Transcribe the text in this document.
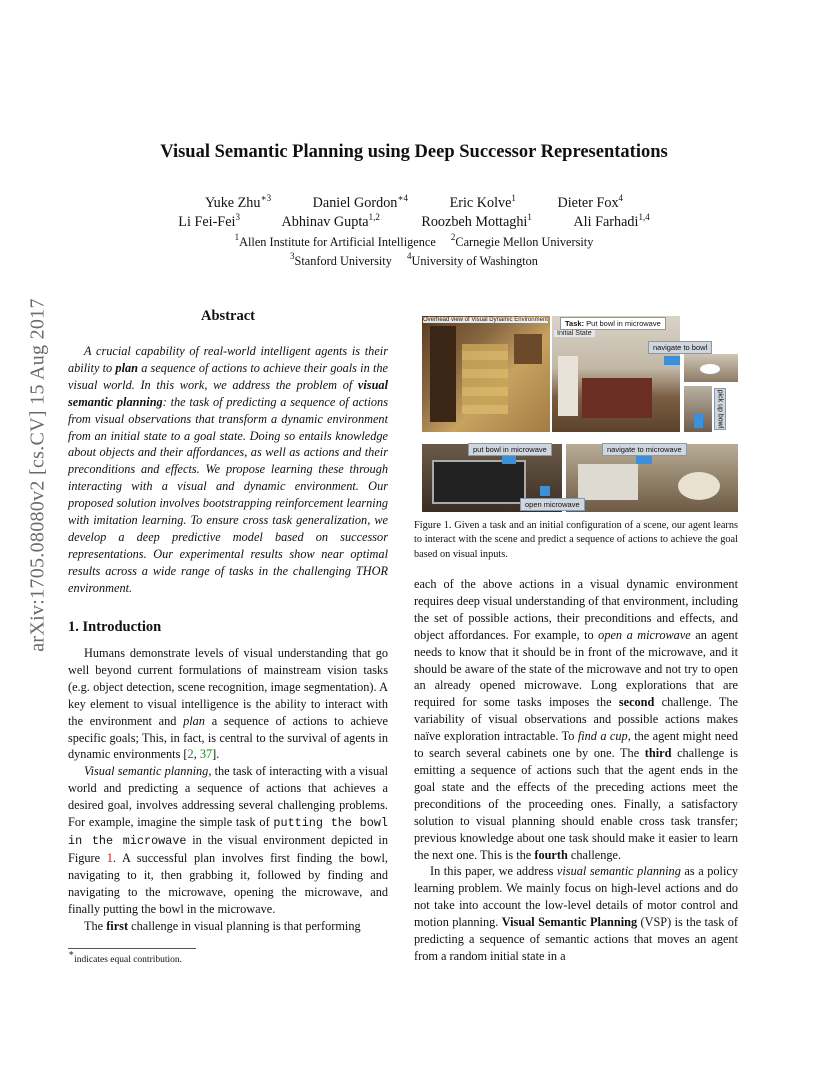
arXiv:1705.08080v2 [cs.CV] 15 Aug 2017
Visual Semantic Planning using Deep Successor Representations
Yuke Zhu$^{∗3}$	Daniel Gordon$^{∗4}$	Eric Kolve$^1$	Dieter Fox$^4$
Li Fei-Fei$^3$	Abhinav Gupta$^{1,2}$	Roozbeh Mottaghi$^1$	Ali Farhadi$^{1,4}$
$^1$Allen Institute for Artificial Intelligence $^2$Carnegie Mellon University
$^3$Stanford University $^4$University of Washington
Abstract

A crucial capability of real-world intelligent agents is their ability to plan a sequence of actions to achieve their goals in the visual world. In this work, we address the problem of visual semantic planning: the task of predicting a sequence of actions from visual observations that transform a dynamic environment from an initial state to a goal state. Doing so entails knowledge about objects and their affordances, as well as actions and their preconditions and effects. We propose learning these through interacting with a visual and dynamic environment. Our proposed solution involves bootstrapping reinforcement learning with imitation learning. To ensure cross task generalization, we develop a deep predictive model based on successor representations. Our experimental results show near optimal results across a wide range of tasks in the challenging THOR environment.

1. Introduction

Humans demonstrate levels of visual understanding that go well beyond current formulations of mainstream vision tasks (e.g. object detection, scene recognition, image segmentation). A key element to visual intelligence is the ability to interact with the environment and plan a sequence of actions to achieve specific goals; This, in fact, is central to the survival of agents in dynamic environments [2, 37].

Visual semantic planning, the task of interacting with a visual world and predicting a sequence of actions that achieves a desired goal, involves addressing several challenging problems. For example, imagine the simple task of putting the bowl in the microwave in the visual environment depicted in Figure 1. A successful plan involves first finding the bowl, navigating to it, then grabbing it, followed by finding and navigating to the microwave, opening the microwave, and finally putting the bowl in the microwave.

The first challenge in visual planning is that performing

∗indicates equal contribution.
Overhead view of Visual Dynamic Environment	Task: Put bowl in microwave
Initial State
navigate to bowl
pick up bowl
put bowl in microwave	navigate to microwave
open microwave
Figure 1. Given a task and an initial configuration of a scene, our agent learns to interact with the scene and predict a sequence of actions to achieve the goal based on visual inputs.

each of the above actions in a visual dynamic environment requires deep visual understanding of that environment, including the set of possible actions, their preconditions and effects, and object affordances. For example, to open a microwave an agent needs to know that it should be in front of the microwave, and it should be aware of the state of the microwave and not try to open an already opened microwave. Long explorations that are required for some tasks imposes the second challenge. The variability of visual observations and possible actions makes naïve exploration intractable. To find a cup, the agent might need to search several cabinets one by one. The third challenge is emitting a sequence of actions such that the agent ends in the goal state and the effects of the preceding actions meet the preconditions of the proceeding ones. Finally, a satisfactory solution to visual planning should enable cross task transfer; previous knowledge about one task should make it easier to learn the next one. This is the fourth challenge.

In this paper, we address visual semantic planning as a policy learning problem. We mainly focus on high-level actions and do not take into account the low-level details of motor control and motion planning. Visual Semantic Planning (VSP) is the task of predicting a sequence of semantic actions that moves an agent from a random initial state in a
